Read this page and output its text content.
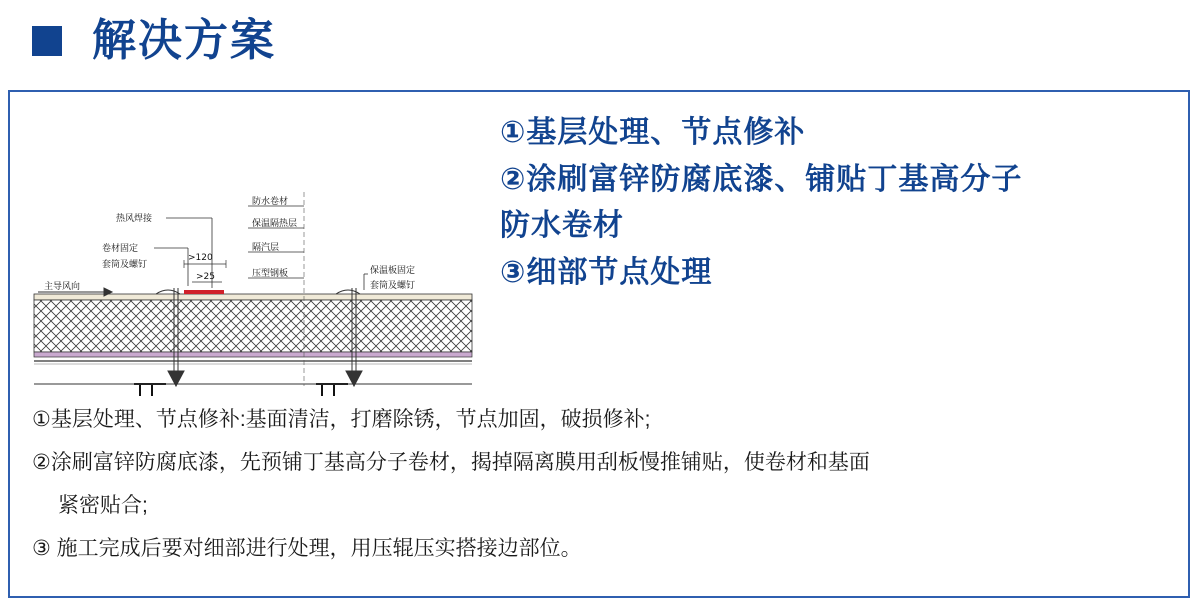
解决方案
热风焊接
卷材固定
套筒及螺钉
保温板固定
套筒及螺钉
主导风向
防水卷材
保温隔热层
隔汽层
压型钢板
>120
>25
①基层处理、节点修补
②涂刷富锌防腐底漆、铺贴丁基高分子
防水卷材
③细部节点处理

①基层处理、节点修补:基面清洁，打磨除锈，节点加固，破损修补;

②涂刷富锌防腐底漆，先预铺丁基高分子卷材，揭掉隔离膜用刮板慢推铺贴，使卷材和基面

紧密贴合;

③ 施工完成后要对细部进行处理，用压辊压实搭接边部位。
